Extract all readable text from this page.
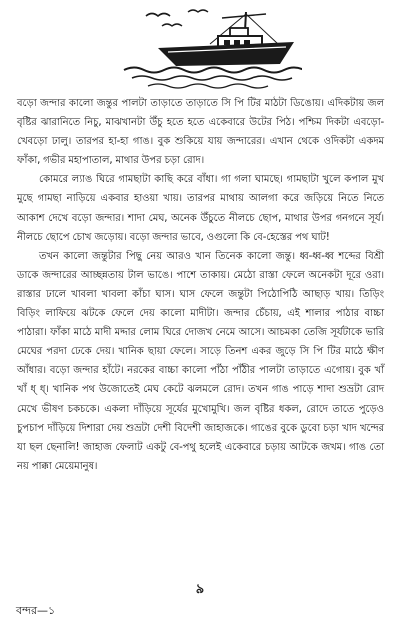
বড়ো জন্দার কালো জন্তুর পালটা তাড়াতে তাড়াতে সি পি টির মাঠটা ডিঙোয়। এদিকটায় জল বৃষ্টির ঝারানিতে নিচু, মাঝখানটা উঁচু হতে হতে একেবারে উটের পিঠ। পশ্চিম দিকটা এবড়ো-খেবড়ো ঢালু। তারপর হা-হা গাঙ। বুক শুকিয়ে যায় জন্দারের। এখান থেকে ওদিকটা একদম ফাঁকা, গভীর মহাপাতাল, মাথার উপর চড়া রোদ।

কোমরে ল্যাঙ ঘিরে গামছাটা কাছি করে বাঁধা। গা গলা ঘামছে। গামছাটা খুলে কপাল মুখ মুছে গামছা নাড়িয়ে একবার হাওয়া খায়। তারপর মাথায় আলগা করে জড়িয়ে নিতে নিতে আকাশ দেখে বড়ো জন্দার। শাদা মেঘ, অনেক উঁচুতে নীলচে ছোপ, মাথার উপর গনগনে সূর্য। নীলচে ছোপে চোখ জড়োয়। বড়ো জন্দার ভাবে, ওগুলো কি বে-হেস্তের পথ ঘাট!

তখন কালো জন্তুটার পিছু নেয় আরও খান তিনেক কালো জন্তু। ধ্ব-ধ্ব-ধ্ব শব্দের বিশ্রী ডাকে জন্দারের আচ্ছন্নতায় টাল ভাঙে। পাশে তাকায়। মেঠো রাস্তা ফেলে অনেকটা দূরে ওরা। রাস্তার ঢালে খাবলা খাবলা কাঁচা ঘাস। ঘাস ফেলে জন্তুটা পিঠোপিঠি আছাড় খায়। তিড়িং বিড়িং লাফিয়ে ঝটকে ফেলে দেয় কালো মাদীটা। জন্দার চেঁচায়, এই শালার পাঠার বাচ্চা পাঠারা। ফাঁকা মাঠে মাদী মদ্দার লোম ঘিরে দোজখ নেমে আসে। আচমকা তেজি সূর্যটাকে ভারি মেঘের পরদা ঢেকে দেয়। খানিক ছায়া ফেলে। সাড়ে তিনশ একর জুড়ে সি পি টির মাঠে ক্ষীণ আঁধার। বড়ো জন্দার হাঁটে। নরকের বাচ্চা কালো পাঁঠা পাঁঠীর পালটা তাড়াতে এগোয়। বুক খাঁ খাঁ ধ্ ধ্। খানিক পথ উজোতেই মেঘ কেটে ঝলমলে রোদ। তখন গাঙ পাড়ে শাদা শুভ্রটা রোদ মেখে ভীষণ চকচকে। একলা দাঁড়িয়ে সূর্যের মুখোমুখি। জল বৃষ্টির ধকল, রোদে তাতে পুড়েও চুপচাপ দাঁড়িয়ে দিশারা দেয় শুভ্রটা দেশী বিদেশী জাহাজকে। গাঙের বুকে ডুবো চড়া খাদ খন্দের যা ছল ছেনালি! জাহাজ ফেলাট একটু বে-পথু হলেই একেবারে চড়ায় আটকে জখম। গাঙ তো নয় পাক্কা মেয়েমানুষ।

৯
বন্দর—১
